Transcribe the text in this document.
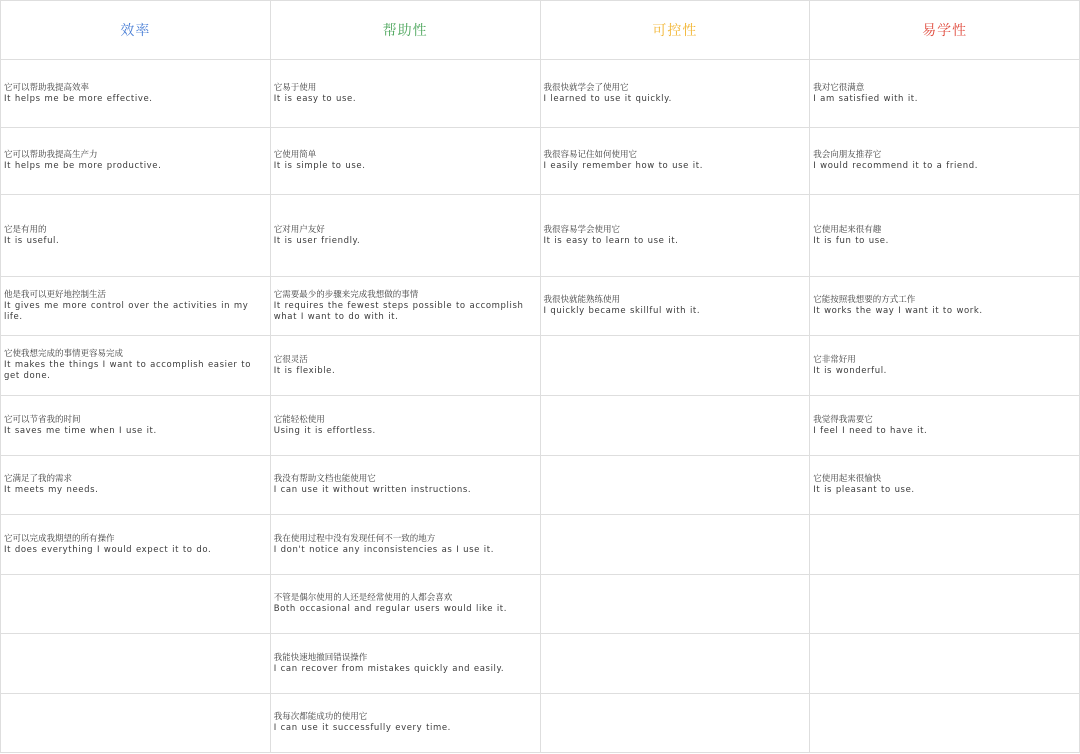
效率	帮助性	可控性	易学性

它可以帮助我提高效率
It helps me be more effective.	它易于使用
It is easy to use.	我很快就学会了使用它
I learned to use it quickly.	我对它很满意
I am satisfied with it.

它可以帮助我提高生产力
It helps me be more productive.	它使用简单
It is simple to use.	我很容易记住如何使用它
I easily remember how to use it.	我会向朋友推荐它
I would recommend it to a friend.

它是有用的
It is useful.	它对用户友好
It is user friendly.	我很容易学会使用它
It is easy to learn to use it.	它使用起来很有趣
It is fun to use.

他是我可以更好地控制生活
It gives me more control over the activities in my life.	它需要最少的步骤来完成我想做的事情
It requires the fewest steps possible to accomplish what I want to do with it.	我很快就能熟练使用
I quickly became skillful with it.	它能按照我想要的方式工作
It works the way I want it to work.

它使我想完成的事情更容易完成
It makes the things I want to accomplish easier to get done.	它很灵活
It is flexible.		它非常好用
It is wonderful.

它可以节省我的时间
It saves me time when I use it.	它能轻松使用
Using it is effortless.		我觉得我需要它
I feel I need to have it.

它满足了我的需求
It meets my needs.	我没有帮助文档也能使用它
I can use it without written instructions.		它使用起来很愉快
It is pleasant to use.

它可以完成我期望的所有操作
It does everything I would expect it to do.	我在使用过程中没有发现任何不一致的地方
I don't notice any inconsistencies as I use it.		

	不管是偶尔使用的人还是经常使用的人都会喜欢
Both occasional and regular users would like it.		

	我能快速地撤回错误操作
I can recover from mistakes quickly and easily.		

	我每次都能成功的使用它
I can use it successfully every time.		
